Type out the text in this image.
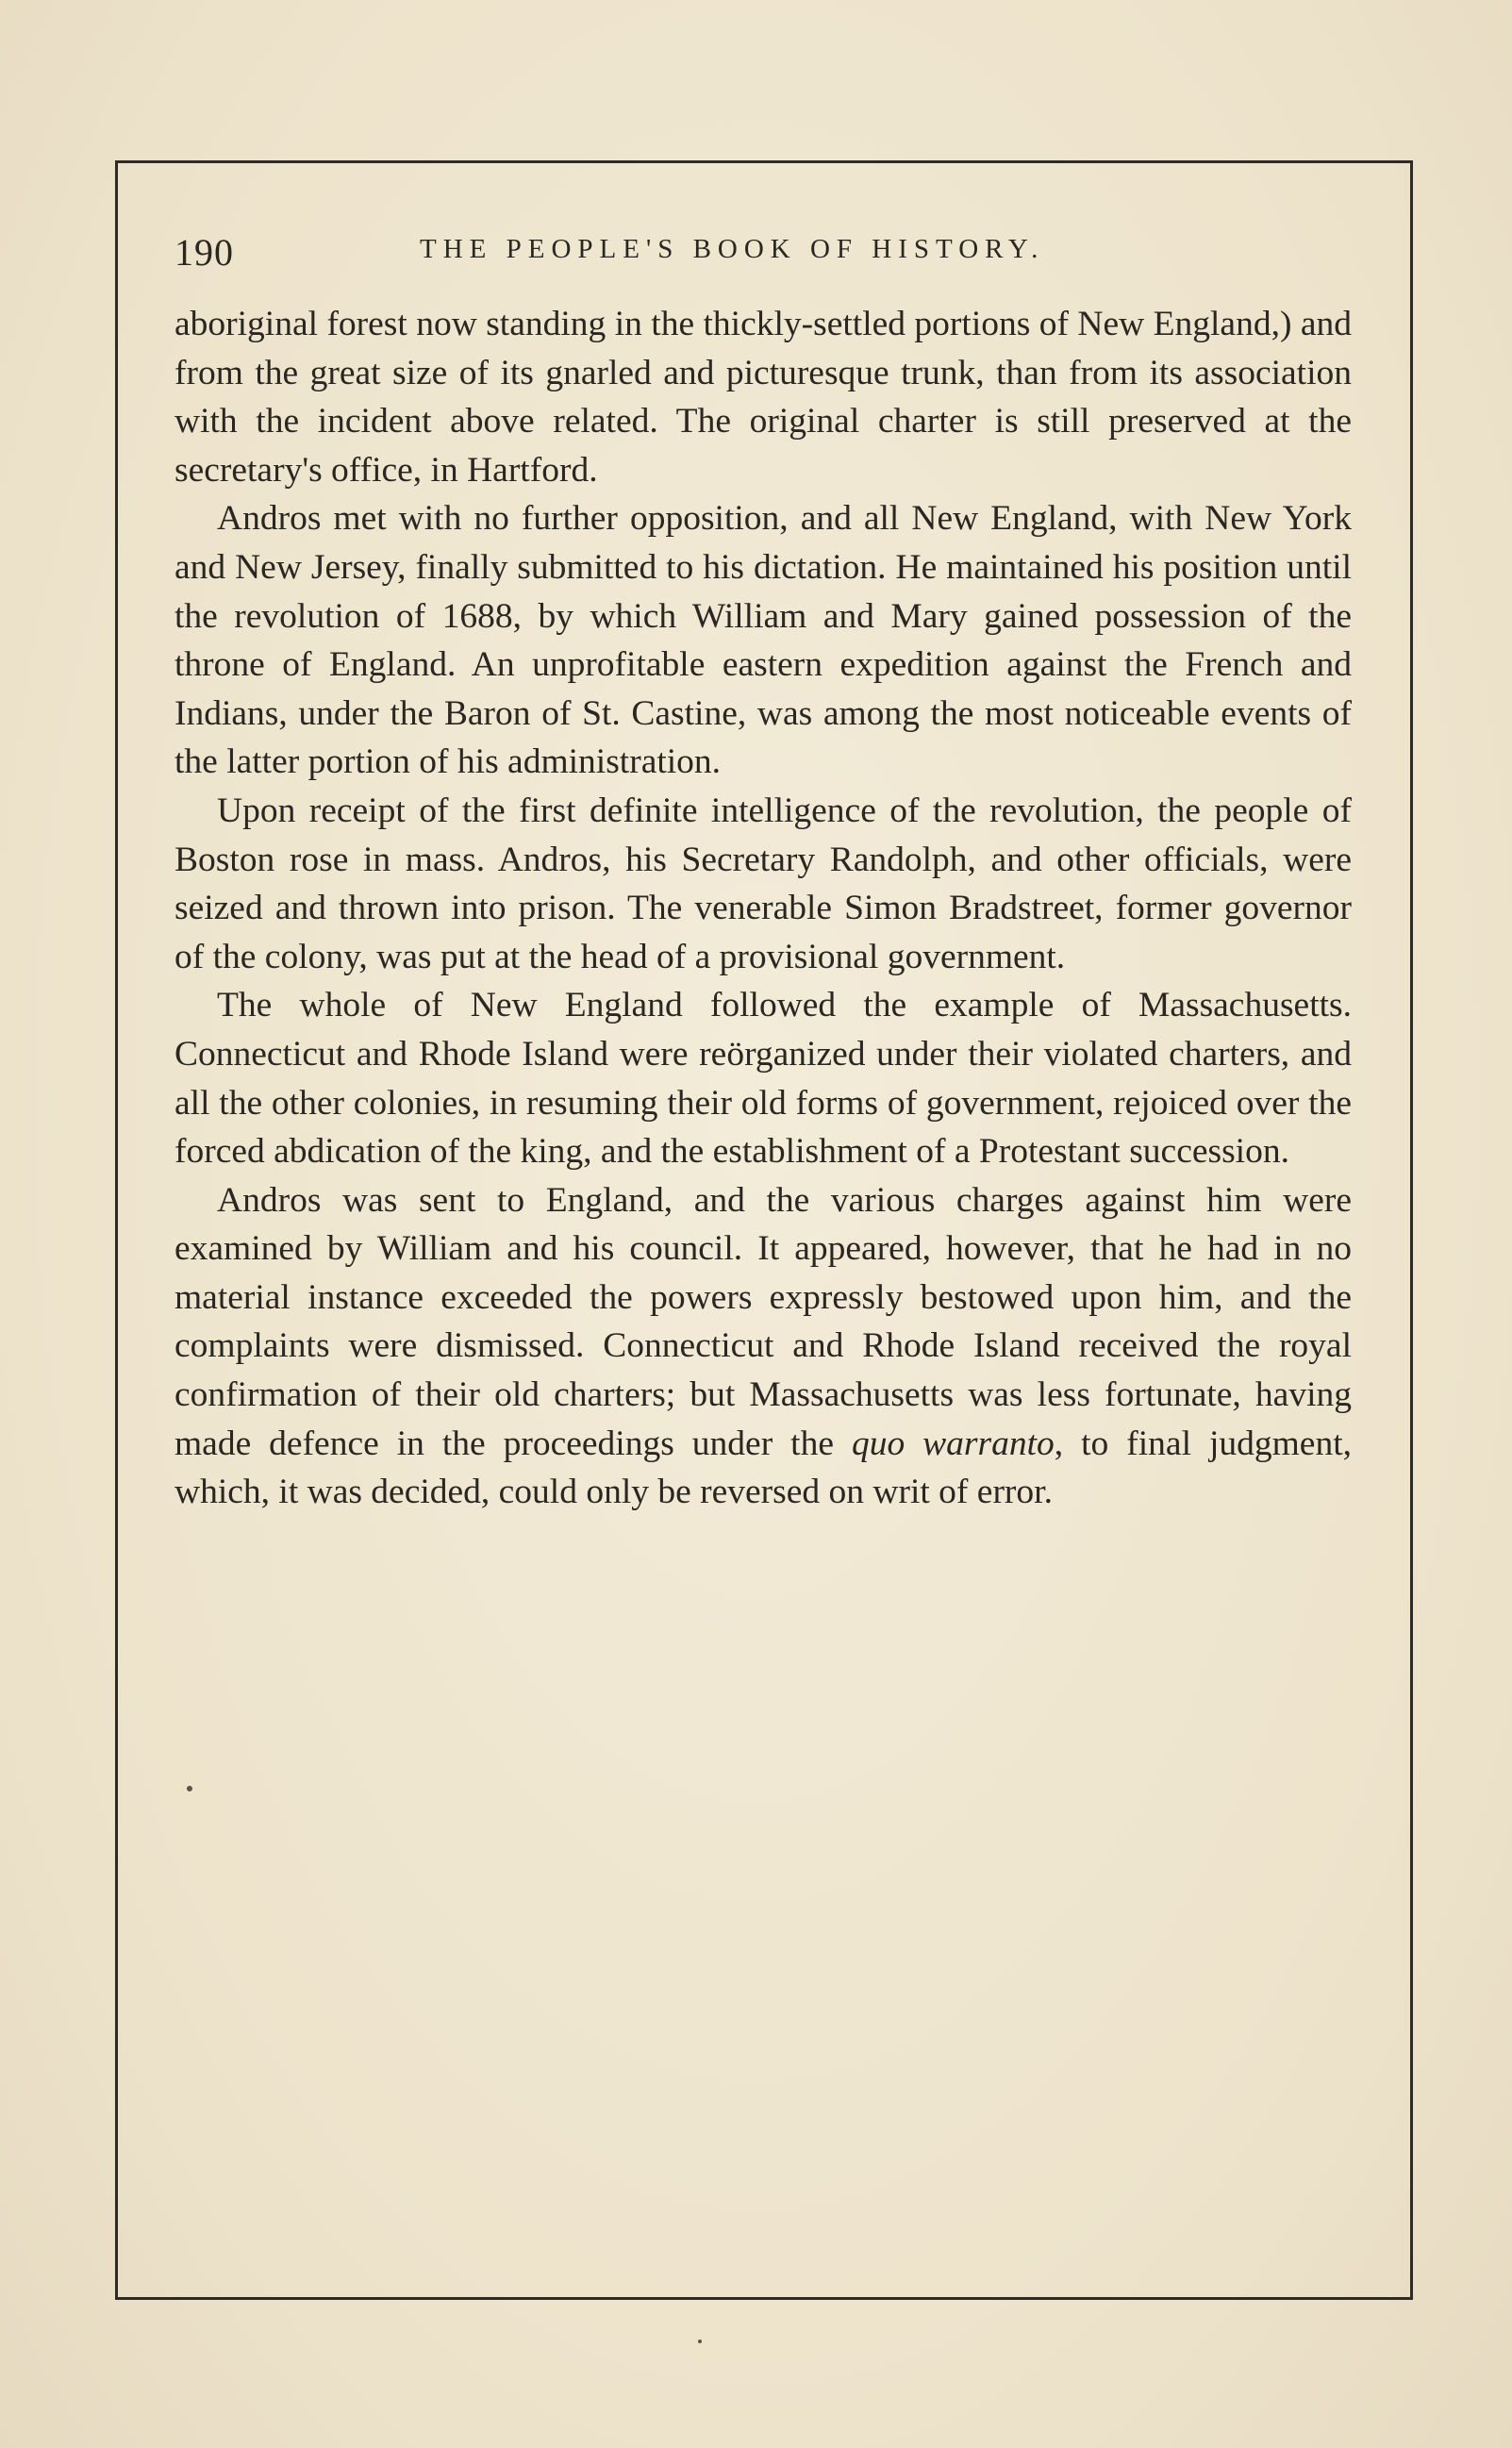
190	THE PEOPLE'S BOOK OF HISTORY.

aboriginal forest now standing in the thickly-settled portions of New England,) and from the great size of its gnarled and picturesque trunk, than from its association with the incident above related. The original charter is still preserved at the secretary's office, in Hartford.

Andros met with no further opposition, and all New England, with New York and New Jersey, finally submitted to his dictation. He maintained his position until the revolution of 1688, by which William and Mary gained possession of the throne of England. An unprofitable eastern expedition against the French and Indians, under the Baron of St. Castine, was among the most noticeable events of the latter portion of his administration.

Upon receipt of the first definite intelligence of the revolution, the people of Boston rose in mass. Andros, his Secretary Randolph, and other officials, were seized and thrown into prison. The venerable Simon Bradstreet, former governor of the colony, was put at the head of a provisional government.

The whole of New England followed the example of Massachusetts. Connecticut and Rhode Island were reörganized under their violated charters, and all the other colonies, in resuming their old forms of government, rejoiced over the forced abdication of the king, and the establishment of a Protestant succession.

Andros was sent to England, and the various charges against him were examined by William and his council. It appeared, however, that he had in no material instance exceeded the powers expressly bestowed upon him, and the complaints were dismissed. Connecticut and Rhode Island received the royal confirmation of their old charters; but Massachusetts was less fortunate, having made defence in the proceedings under the quo warranto, to final judgment, which, it was decided, could only be reversed on writ of error.
